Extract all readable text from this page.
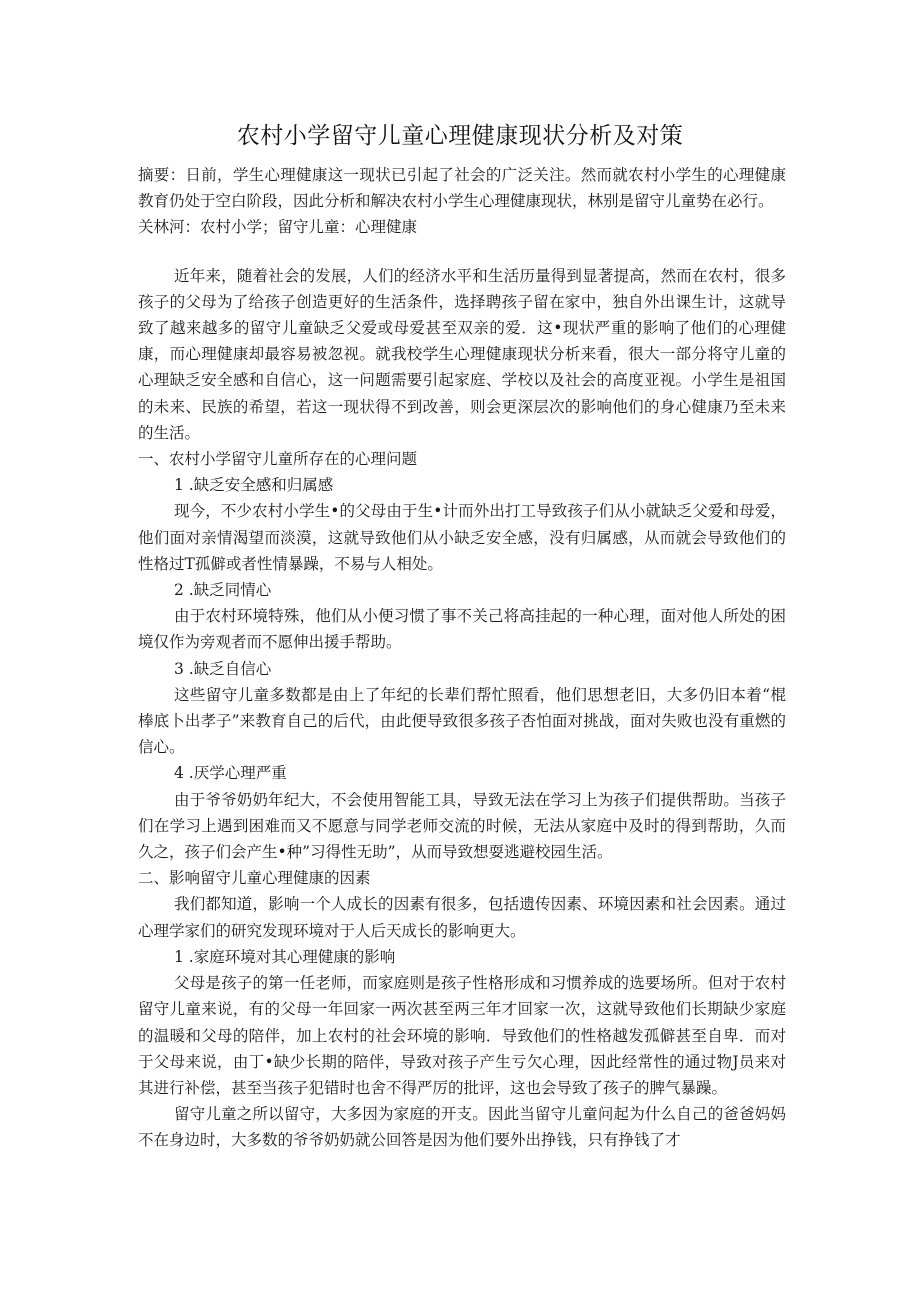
农村小学留守儿童心理健康现状分析及对策

摘要：日前，学生心理健康这一现状已引起了社会的广泛关注。然而就农村小学生的心理健康教育仍处于空白阶段，因此分析和解决农村小学生心理健康现状，林别是留守儿童势在必行。

关林河：农村小学；留守儿童：心理健康

近年来，随着社会的发展，人们的经济水平和生活历量得到显著提高，然而在农村，很多孩子的父母为了给孩子创造更好的生活条件，选择聘孩子留在家中，独自外出课生计，这就导致了越来越多的留守儿童缺乏父爱或母爱甚至双亲的爱．这•现状严重的影响了他们的心理健康，而心理健康却最容易被忽视。就我校学生心理健康现状分析来看，很大一部分将守儿童的心理缺乏安全感和自信心，这一问题需要引起家庭、学校以及社会的高度亚视。小学生是祖国的未来、民族的希望，若这一现状得不到改善，则会更深层次的影响他们的身心健康乃至未来的生活。

一、农村小学留守儿童所存在的心理问题

1 .缺乏安全感和归属感

现今，不少农村小学生•的父母由于生•计而外出打工导致孩子们从小就缺乏父爱和母爱，他们面对亲情渴望而淡漠，这就导致他们从小缺乏安全感，没有归属感，从而就会导致他们的性格过T孤僻或者性情暴躁，不易与人相处。

2 .缺乏同情心

由于农村环境特殊，他们从小便习惯了事不关己将高挂起的一种心理，面对他人所处的困境仅作为旁观者而不愿伸出援手帮助。

3 .缺乏自信心

这些留守儿童多数都是由上了年纪的长辈们帮忙照看，他们思想老旧，大多仍旧本着“棍棒底卜出孝子”来教育自己的后代，由此便导致很多孩子杏怕面对挑战，面对失败也没有重燃的信心。

4 .厌学心理严重

由于爷爷奶奶年纪大，不会使用智能工具，导致无法在学习上为孩子们提供帮助。当孩子们在学习上遇到困难而又不愿意与同学老师交流的时候，无法从家庭中及时的得到帮助，久而久之，孩子们会产生•种”习得性无助”，从而导致想耍逃避校园生活。

二、影响留守儿童心理健康的因素

我们都知道，影响一个人成长的因素有很多，包括遗传因素、环境因素和社会因素。通过心理学家们的研究发现环境对于人后天成长的影响更大。

1 .家庭环境对其心理健康的影响

父母是孩子的第一任老师，而家庭则是孩子性格形成和习惯养成的选要场所。但对于农村留守儿童来说，有的父母一年回家一两次甚至两三年才回家一次，这就导致他们长期缺少家庭的温暖和父母的陪伴，加上农村的社会环境的影响．导致他们的性格越发孤僻甚至自卑．而对于父母来说，由丁•缺少长期的陪伴，导致对孩子产生亏欠心理，因此经常性的通过物J员来对其进行补偿，甚至当孩子犯错时也舍不得严厉的批评，这也会导致了孩子的脾气暴躁。

留守儿童之所以留守，大多因为家庭的开支。因此当留守儿童问起为什么自己的爸爸妈妈不在身边时，大多数的爷爷奶奶就公回答是因为他们要外出挣钱，只有挣钱了才
